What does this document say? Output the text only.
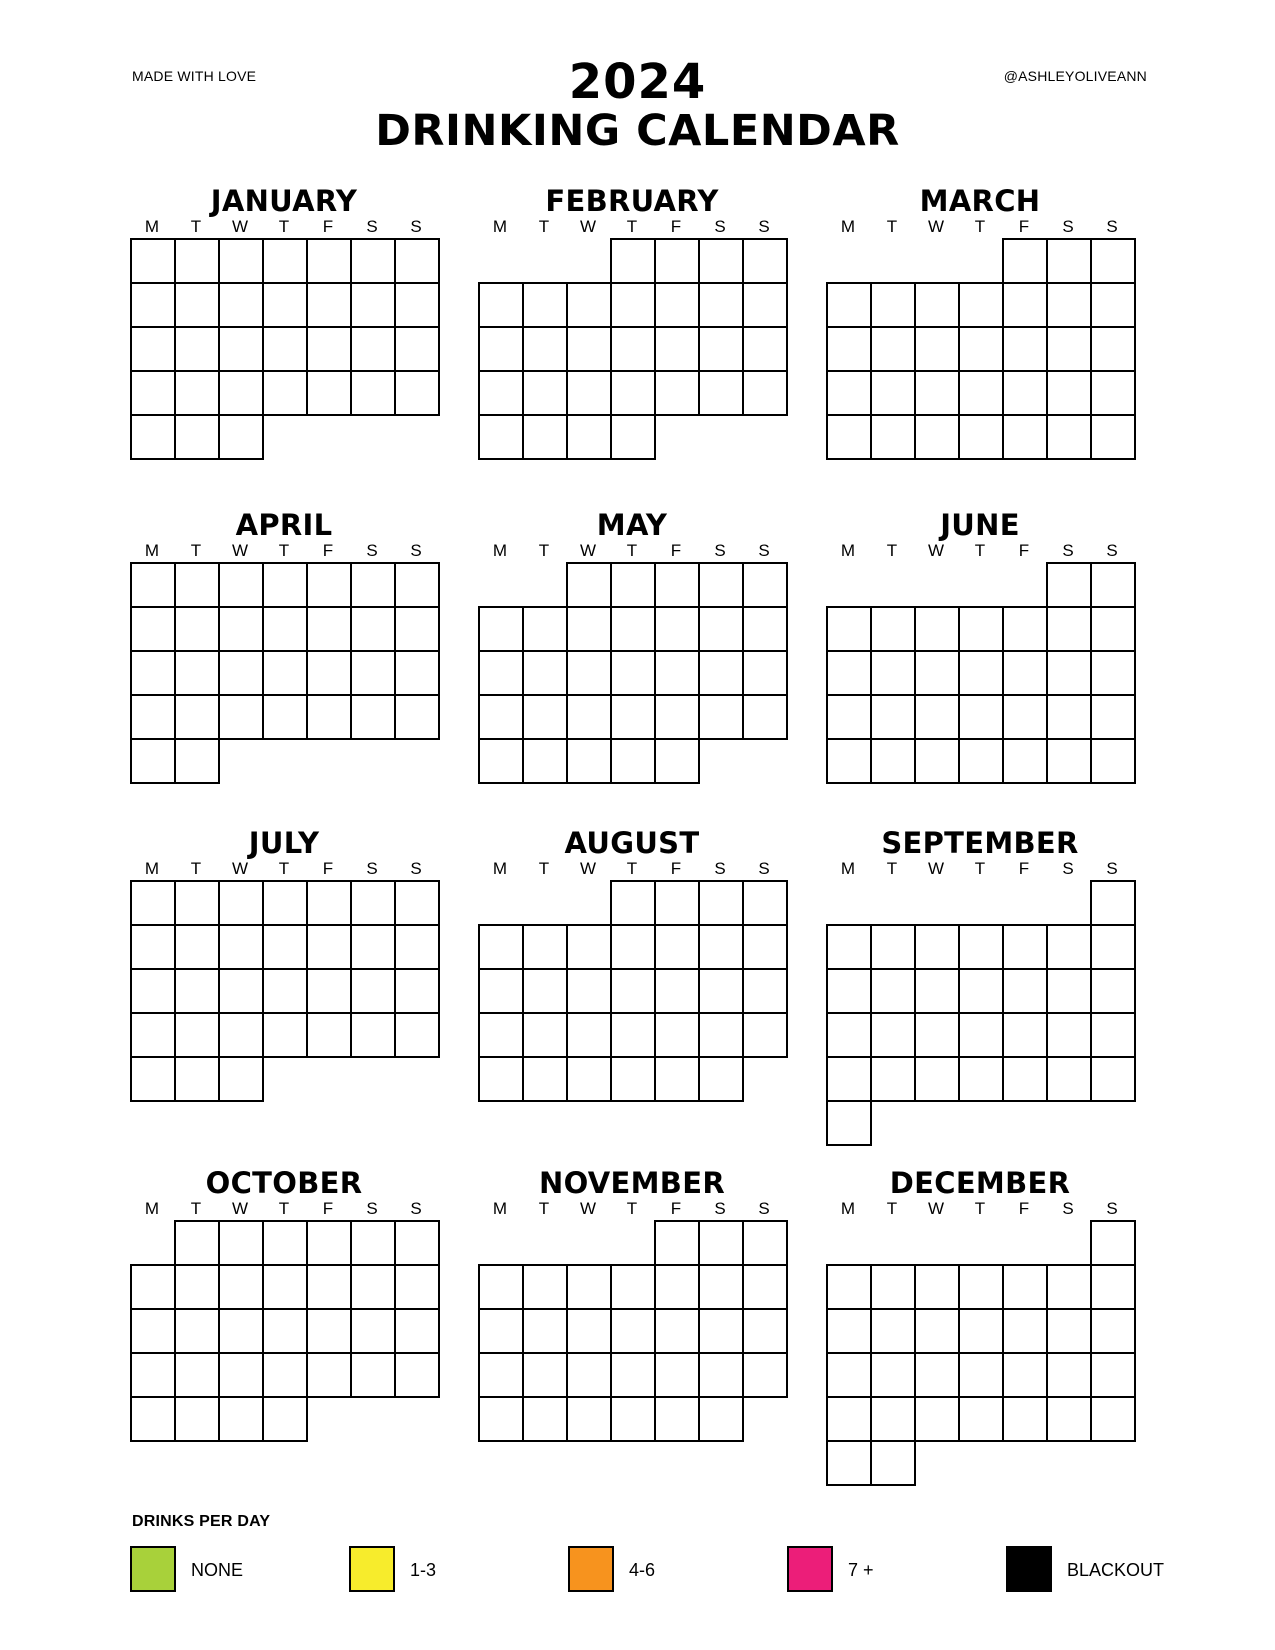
MADE WITH LOVE	@ASHLEYOLIVEANN
2024
DRINKING CALENDAR
JANUARY
M	T	W	T	F	S	S
FEBRUARY
M	T	W	T	F	S	S
MARCH
M	T	W	T	F	S	S
APRIL
M	T	W	T	F	S	S
MAY
M	T	W	T	F	S	S
JUNE
M	T	W	T	F	S	S
JULY
M	T	W	T	F	S	S
AUGUST
M	T	W	T	F	S	S
SEPTEMBER
M	T	W	T	F	S	S
OCTOBER
M	T	W	T	F	S	S
NOVEMBER
M	T	W	T	F	S	S
DECEMBER
M	T	W	T	F	S	S
DRINKS PER DAY
NONE	1-3	4-6	7 +	BLACKOUT
